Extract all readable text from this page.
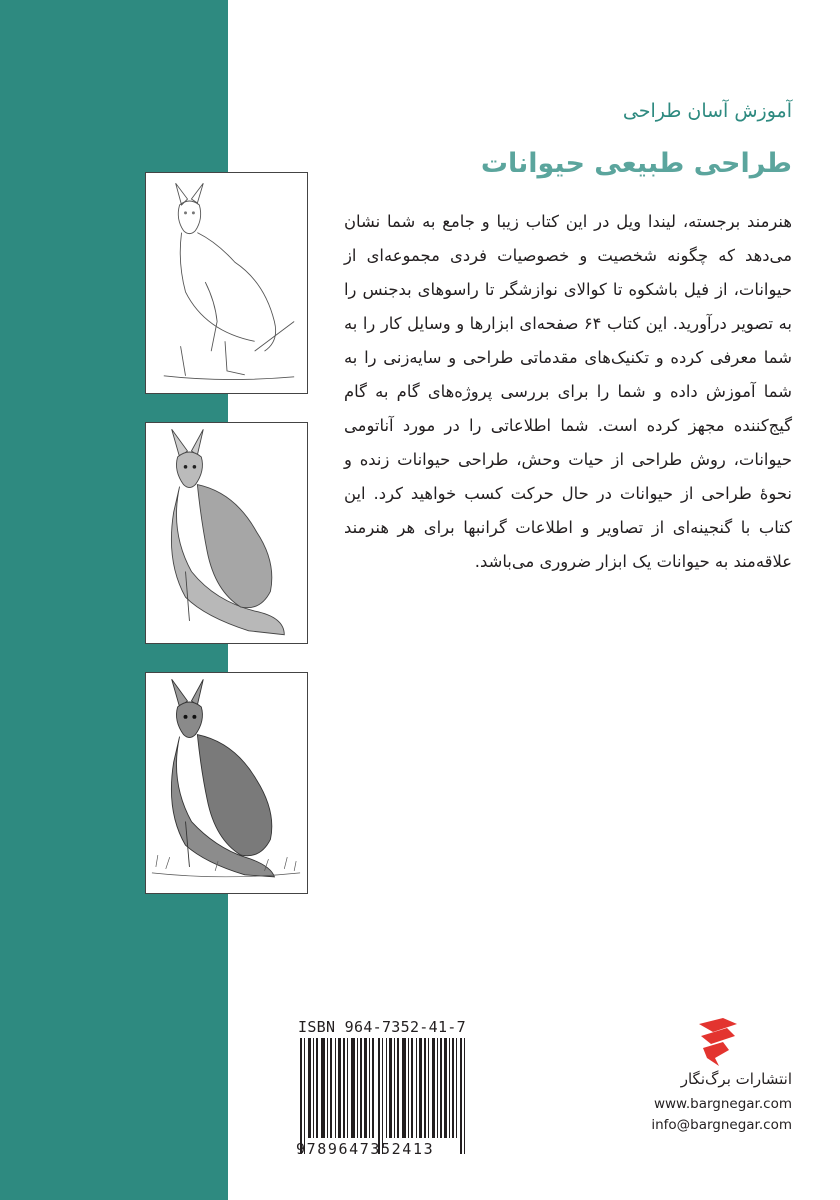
آموزش آسان طراحی
طراحی طبیعی حیوانات

هنرمند برجسته، لیندا ویل در این کتاب زیبا و جامع به شما نشان می‌دهد که چگونه شخصیت و خصوصیات فردی مجموعه‌ای از حیوانات، از فیل باشکوه تا کوالای نوازشگر تا راسوهای بدجنس را به تصویر درآورید. این کتاب ۶۴ صفحه‌ای ابزارها و وسایل کار را به شما معرفی کرده و تکنیک‌های مقدماتی طراحی و سایه‌زنی را به شما آموزش داده و شما را برای بررسی پروژه‌های گام به گام گیج‌کننده مجهز کرده است. شما اطلاعاتی را در مورد آناتومی حیوانات، روش طراحی از حیات وحش، طراحی حیوانات زنده و نحوهٔ طراحی از حیوانات در حال حرکت کسب خواهید کرد. این کتاب با گنجینه‌ای از تصاویر و اطلاعات گرانبها برای هر هنرمند علاقه‌مند به حیوانات یک ابزار ضروری می‌باشد.

ISBN 964-7352-41-7
9789647352413
انتشارات برگ‌نگار
www.bargnegar.com
info@bargnegar.com
